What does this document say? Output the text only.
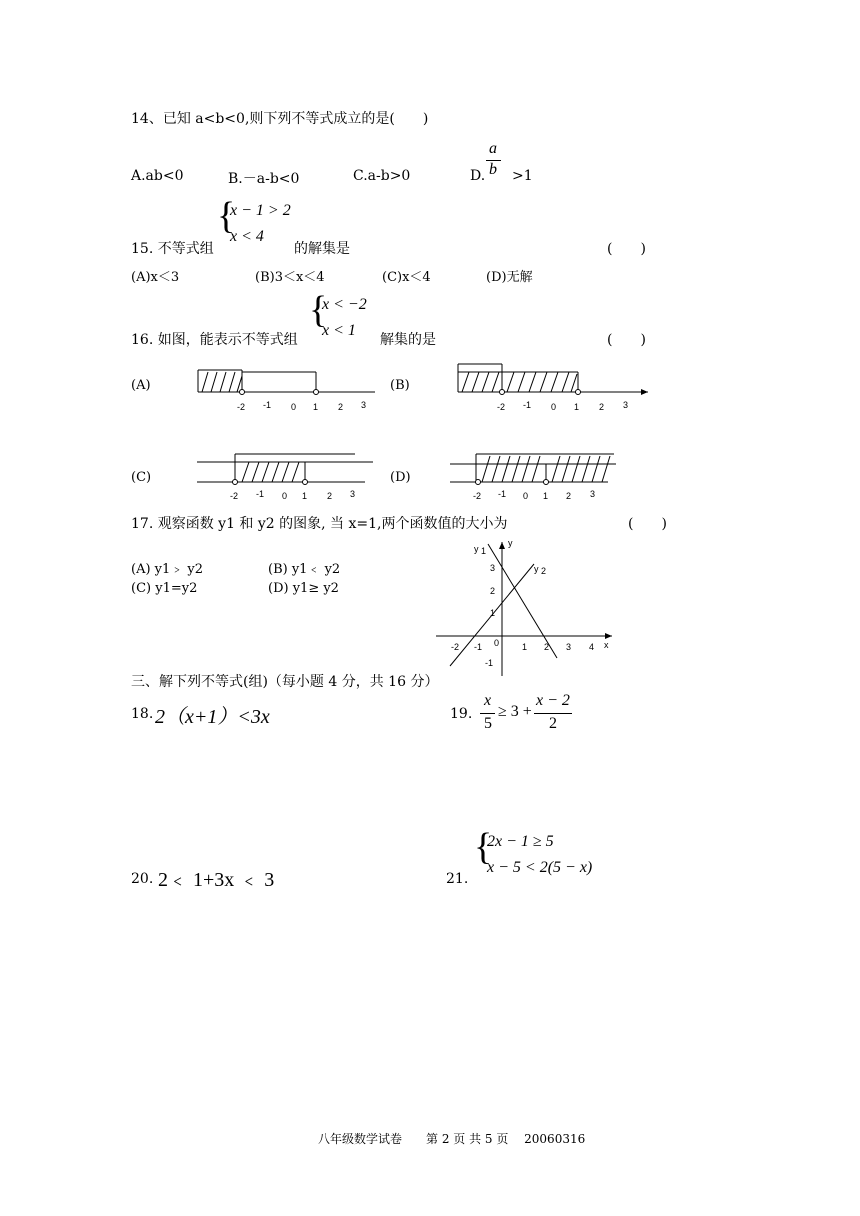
14、已知 a<b<0,则下列不等式成立的是(　　)
A.ab<0	B.－a-b<0	C.a-b>0	D.
a
b >1
{
x − 1 > 2
x < 4
15. 不等式组	的解集是	(　　)
(A)x＜3	(B)3＜x＜4	(C)x＜4	(D)无解
{
x < −2
x < 1
16. 如图，能表示不等式组	解集的是	(　　)
(A)	(B)
(C)	(D)
-2 -1 0 1 2 3	-2 -1 0 1 2 3
-2 -1 0 1 2 3	-2 -1 0 1 2 3
17. 观察函数 y1 和 y2 的图象, 当 x=1,两个函数值的大小为	(　　)
(A) y1﹥ y2	(B) y1﹤ y2
(C) y1=y2	(D) y1≥ y2
y
x
y 1
y 2
-2 -1 0	1 2 3 4
3
2
1
-1
三、解下列不等式(组)（每小题 4 分，共 16 分）
18. 2（x+1）<3x	19.
x
5
≥ 3 +
x − 2
2
20. 2﹤ 1+3x ﹤ 3	21.
{
2x − 1 ≥ 5
x − 5 < 2(5 − x)
八年级数学试卷　　第 2 页 共 5 页　 20060316
